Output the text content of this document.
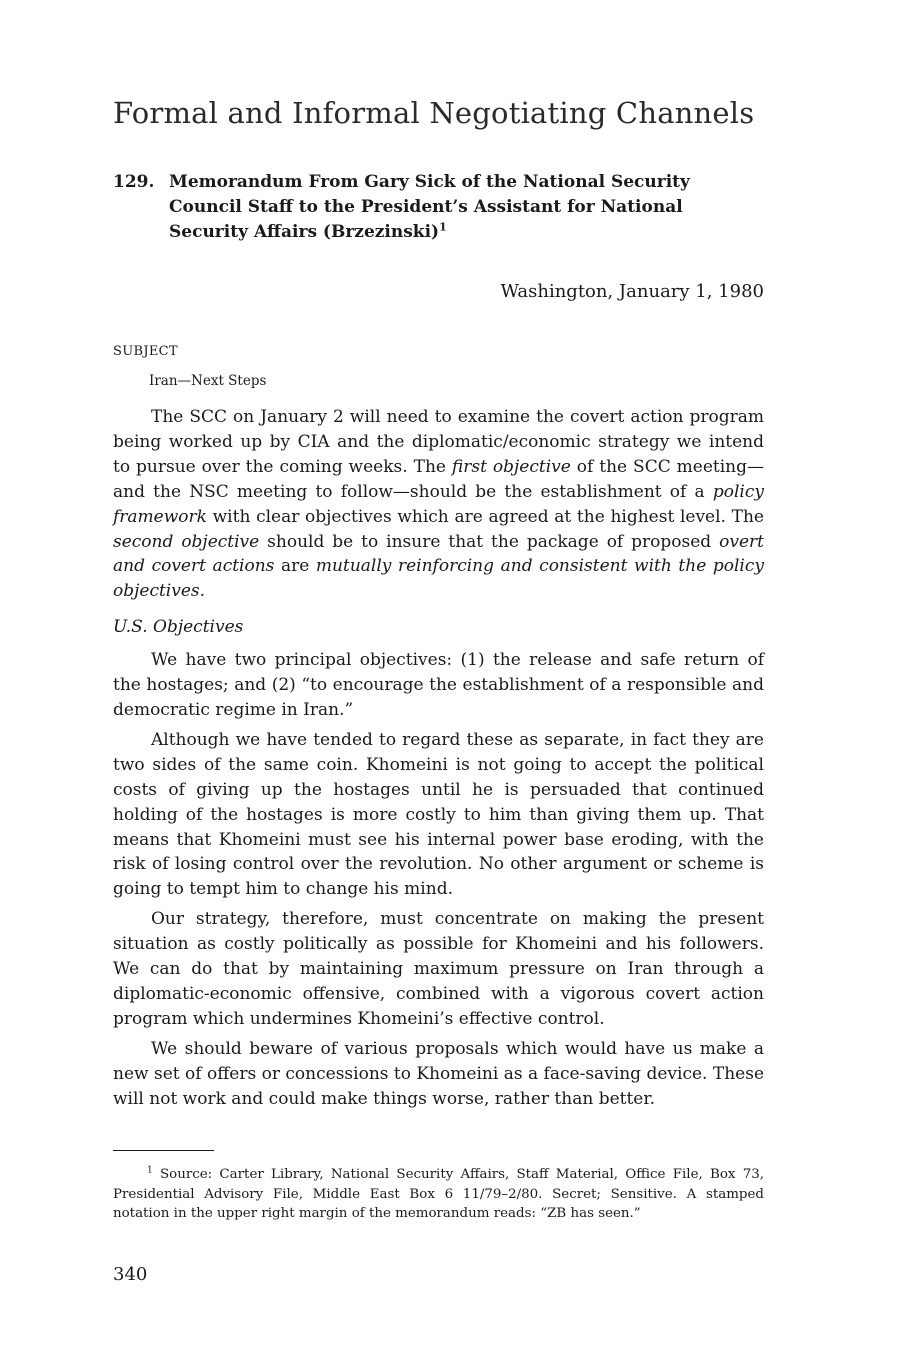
Formal and Informal Negotiating Channels
129. Memorandum From Gary Sick of the National Security Council Staff to the President’s Assistant for National Security Affairs (Brzezinski)$^1$
Washington, January 1, 1980
SUBJECT
Iran—Next Steps

The SCC on January 2 will need to examine the covert action program being worked up by CIA and the diplomatic/economic strategy we intend to pursue over the coming weeks. The first objective of the SCC meeting—and the NSC meeting to follow—should be the establishment of a policy framework with clear objectives which are agreed at the highest level. The second objective should be to insure that the package of proposed overt and covert actions are mutually reinforcing and consistent with the policy objectives.

U.S. Objectives

We have two principal objectives: (1) the release and safe return of the hostages; and (2) “to encourage the establishment of a responsible and democratic regime in Iran.”

Although we have tended to regard these as separate, in fact they are two sides of the same coin. Khomeini is not going to accept the political costs of giving up the hostages until he is persuaded that continued holding of the hostages is more costly to him than giving them up. That means that Khomeini must see his internal power base eroding, with the risk of losing control over the revolution. No other argument or scheme is going to tempt him to change his mind.

Our strategy, therefore, must concentrate on making the present situation as costly politically as possible for Khomeini and his followers. We can do that by maintaining maximum pressure on Iran through a diplomatic-economic offensive, combined with a vigorous covert action program which undermines Khomeini’s effective control.

We should beware of various proposals which would have us make a new set of offers or concessions to Khomeini as a face-saving device. These will not work and could make things worse, rather than better.

$^1$ Source: Carter Library, National Security Affairs, Staff Material, Office File, Box 73, Presidential Advisory File, Middle East Box 6 11/79–2/80. Secret; Sensitive. A stamped notation in the upper right margin of the memorandum reads: “ZB has seen.”
340
